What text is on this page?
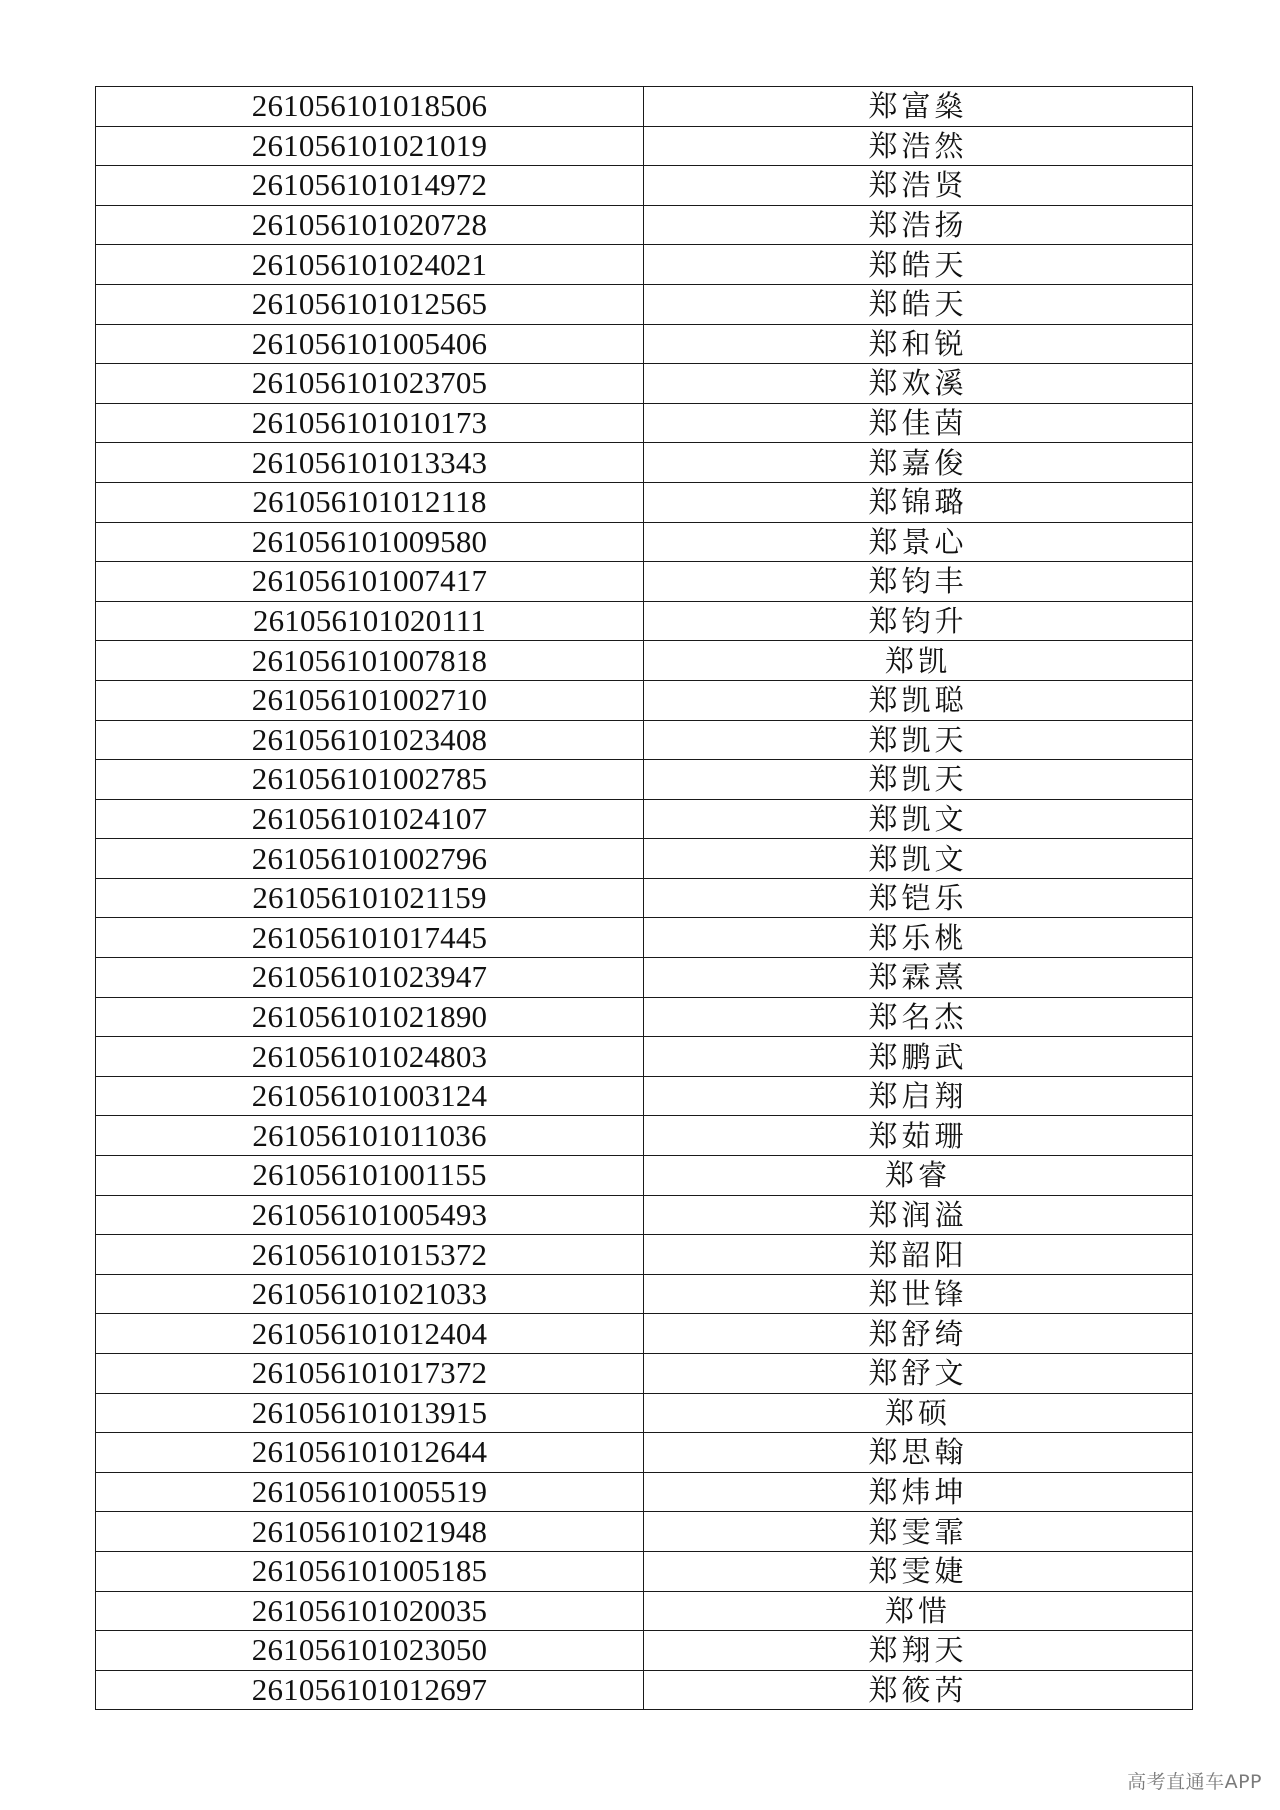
261056101018506	郑富燊
261056101021019	郑浩然
261056101014972	郑浩贤
261056101020728	郑浩扬
261056101024021	郑皓天
261056101012565	郑皓天
261056101005406	郑和锐
261056101023705	郑欢溪
261056101010173	郑佳茵
261056101013343	郑嘉俊
261056101012118	郑锦璐
261056101009580	郑景心
261056101007417	郑钧丰
261056101020111	郑钧升
261056101007818	郑凯
261056101002710	郑凯聪
261056101023408	郑凯天
261056101002785	郑凯天
261056101024107	郑凯文
261056101002796	郑凯文
261056101021159	郑铠乐
261056101017445	郑乐桃
261056101023947	郑霖熹
261056101021890	郑名杰
261056101024803	郑鹏武
261056101003124	郑启翔
261056101011036	郑茹珊
261056101001155	郑睿
261056101005493	郑润溢
261056101015372	郑韶阳
261056101021033	郑世锋
261056101012404	郑舒绮
261056101017372	郑舒文
261056101013915	郑硕
261056101012644	郑思翰
261056101005519	郑炜坤
261056101021948	郑雯霏
261056101005185	郑雯婕
261056101020035	郑惜
261056101023050	郑翔天
261056101012697	郑筱芮
高考直通车APP
